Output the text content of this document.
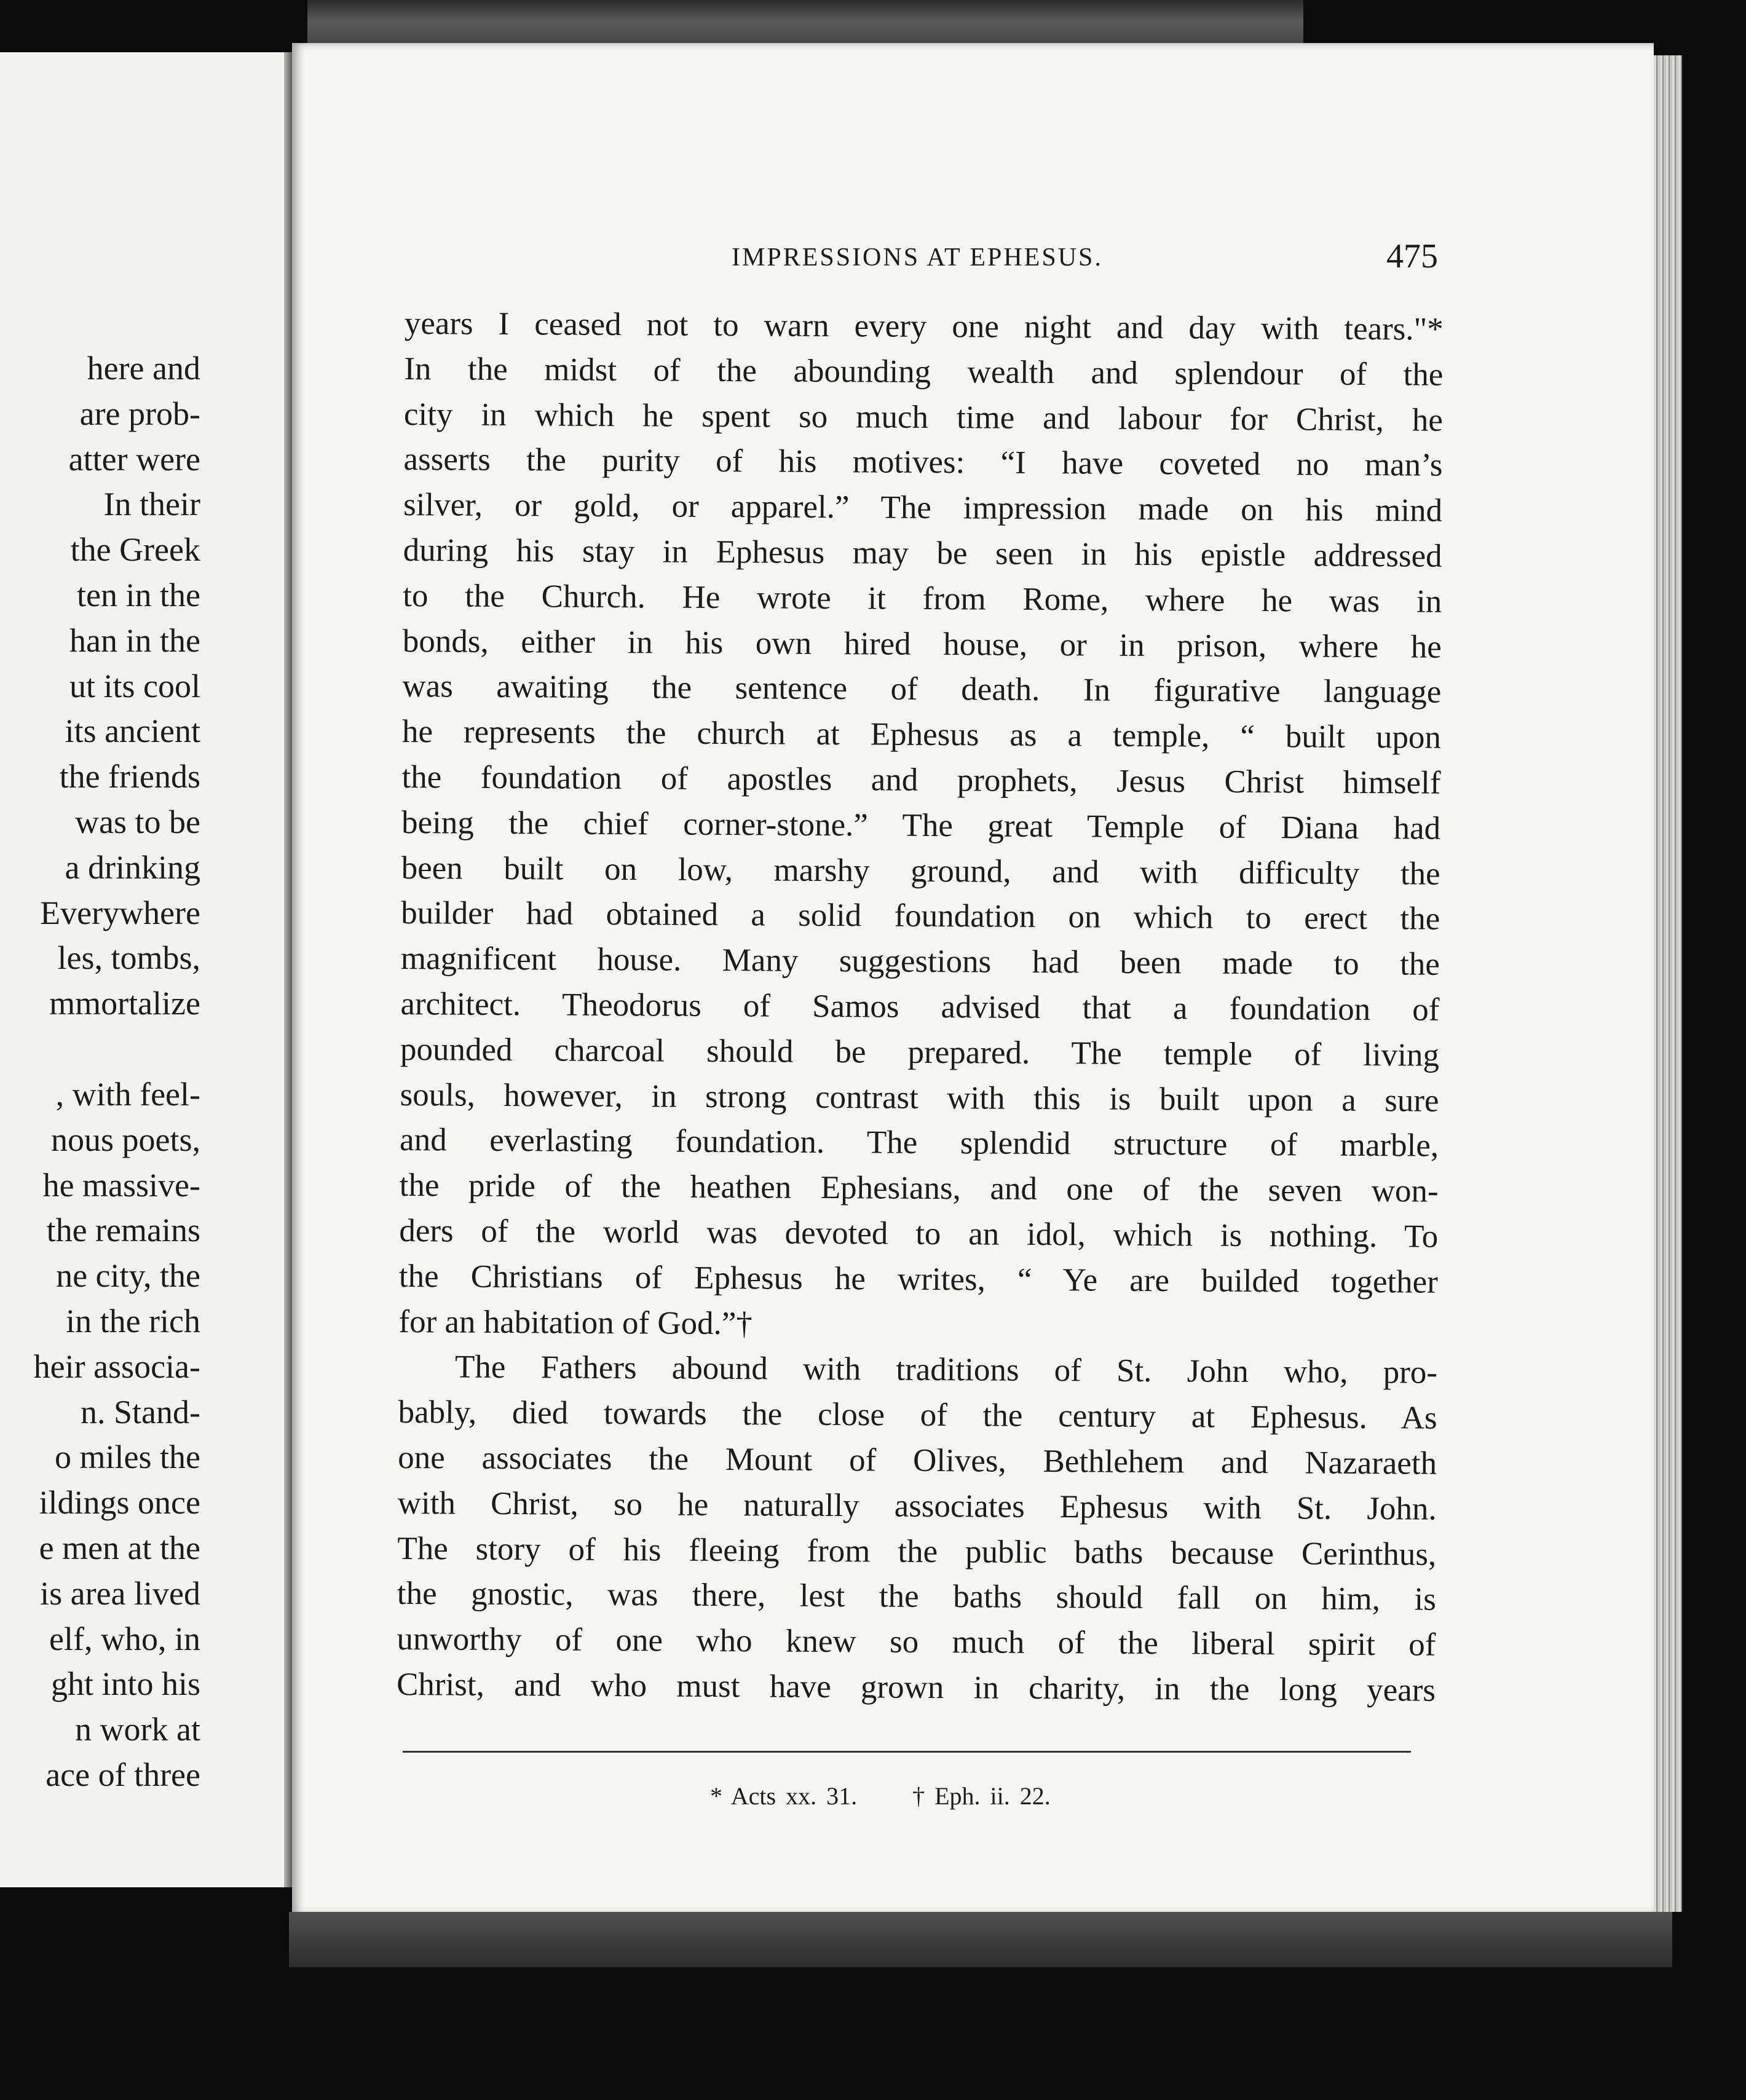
here and
are prob-
atter were
In their
the Greek
ten in the
han in the
ut its cool
its ancient
the friends
was to be
a drinking
Everywhere
les, tombs,
mmortalize
, with feel-
nous poets,
he massive-
the remains
ne city, the
in the rich
heir associa-
n. Stand-
o miles the
ildings once
e men at the
is area lived
elf, who, in
ght into his
n work at
ace of three
IMPRESSIONS AT EPHESUS.	475
years I ceased not to warn every one night and day with tears."*
In the midst of the abounding wealth and splendour of the
city in which he spent so much time and labour for Christ, he
asserts the purity of his motives: “I have coveted no man’s
silver, or gold, or apparel.” The impression made on his mind
during his stay in Ephesus may be seen in his epistle addressed
to the Church. He wrote it from Rome, where he was in
bonds, either in his own hired house, or in prison, where he
was awaiting the sentence of death. In figurative language
he represents the church at Ephesus as a temple, “ built upon
the foundation of apostles and prophets, Jesus Christ himself
being the chief corner-stone.” The great Temple of Diana had
been built on low, marshy ground, and with difficulty the
builder had obtained a solid foundation on which to erect the
magnificent house. Many suggestions had been made to the
architect. Theodorus of Samos advised that a foundation of
pounded charcoal should be prepared. The temple of living
souls, however, in strong contrast with this is built upon a sure
and everlasting foundation. The splendid structure of marble,
the pride of the heathen Ephesians, and one of the seven won-
ders of the world was devoted to an idol, which is nothing. To
the Christians of Ephesus he writes, “ Ye are builded together
for an habitation of God.”†
The Fathers abound with traditions of St. John who, pro-
bably, died towards the close of the century at Ephesus. As
one associates the Mount of Olives, Bethlehem and Nazaraeth
with Christ, so he naturally associates Ephesus with St. John.
The story of his fleeing from the public baths because Cerinthus,
the gnostic, was there, lest the baths should fall on him, is
unworthy of one who knew so much of the liberal spirit of
Christ, and who must have grown in charity, in the long years
* Acts xx. 31. † Eph. ii. 22.
